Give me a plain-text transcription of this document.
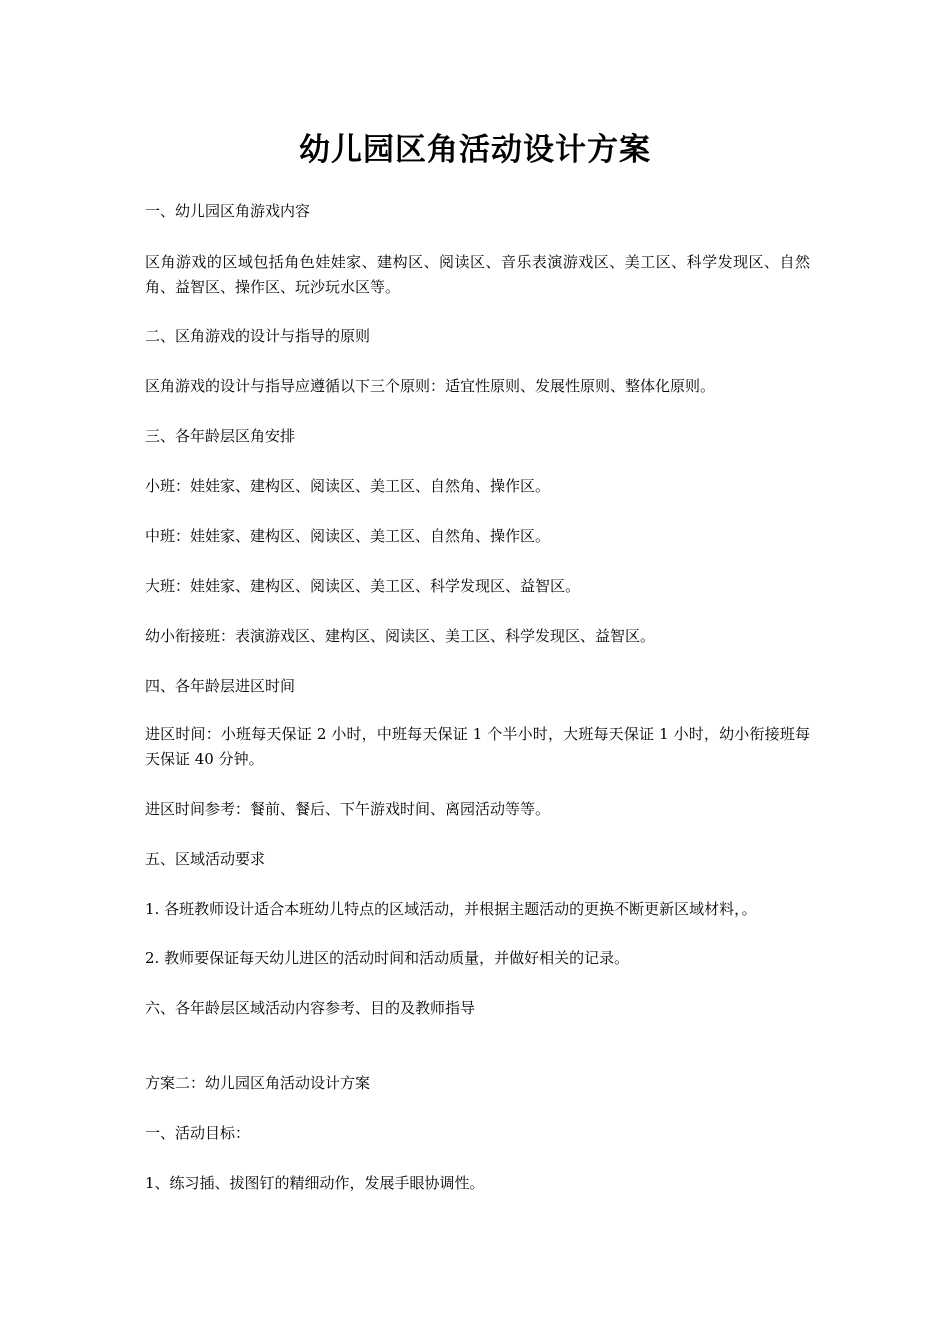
幼儿园区角活动设计方案

一、幼儿园区角游戏内容

区角游戏的区域包括角色娃娃家、建构区、阅读区、音乐表演游戏区、美工区、科学发现区、自然角、益智区、操作区、玩沙玩水区等。

二、区角游戏的设计与指导的原则

区角游戏的设计与指导应遵循以下三个原则：适宜性原则、发展性原则、整体化原则。

三、各年龄层区角安排

小班：娃娃家、建构区、阅读区、美工区、自然角、操作区。

中班：娃娃家、建构区、阅读区、美工区、自然角、操作区。

大班：娃娃家、建构区、阅读区、美工区、科学发现区、益智区。

幼小衔接班：表演游戏区、建构区、阅读区、美工区、科学发现区、益智区。

四、各年龄层进区时间

进区时间：小班每天保证 2 小时，中班每天保证 1 个半小时，大班每天保证 1 小时，幼小衔接班每天保证 40 分钟。

进区时间参考：餐前、餐后、下午游戏时间、离园活动等等。

五、区域活动要求

1. 各班教师设计适合本班幼儿特点的区域活动，并根据主题活动的更换不断更新区域材料，。

2. 教师要保证每天幼儿进区的活动时间和活动质量，并做好相关的记录。

六、各年龄层区域活动内容参考、目的及教师指导

方案二：幼儿园区角活动设计方案

一、活动目标：

1、练习插、拔图钉的精细动作，发展手眼协调性。
